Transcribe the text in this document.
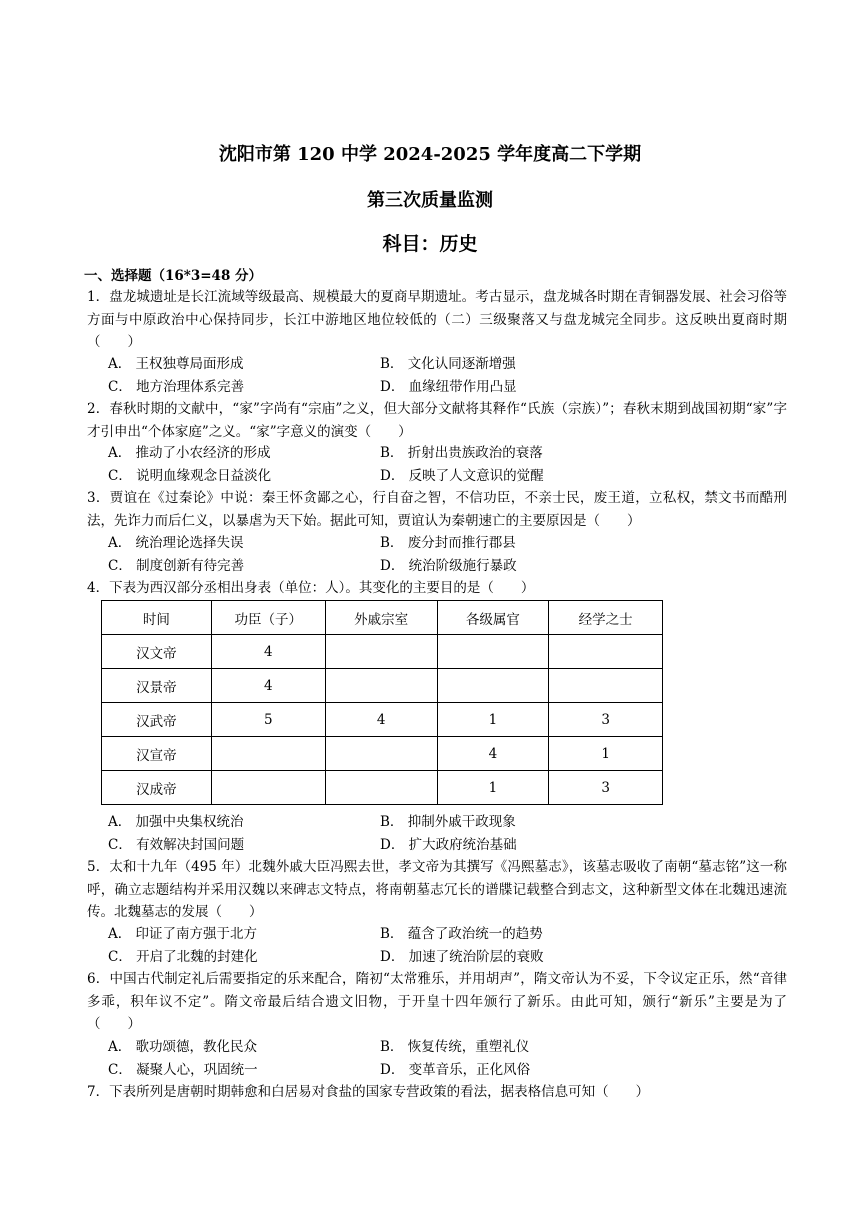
沈阳市第 120 中学 2024-2025 学年度高二下学期
第三次质量监测
科目：历史
一、选择题（16*3=48 分）
1．盘龙城遗址是长江流域等级最高、规模最大的夏商早期遗址。考古显示，盘龙城各时期在青铜器发展、社会习俗等方面与中原政治中心保持同步，长江中游地区地位较低的（二）三级聚落又与盘龙城完全同步。这反映出夏商时期（　　）
A． 王权独尊局面形成	B． 文化认同逐渐增强
C． 地方治理体系完善	D． 血缘纽带作用凸显
2．春秋时期的文献中，“家”字尚有“宗庙”之义，但大部分文献将其释作“氏族（宗族）”；春秋末期到战国初期“家”字才引申出“个体家庭”之义。“家”字意义的演变（　　）
A． 推动了小农经济的形成	B． 折射出贵族政治的衰落
C． 说明血缘观念日益淡化	D． 反映了人文意识的觉醒
3．贾谊在《过秦论》中说：秦王怀贪鄙之心，行自奋之智，不信功臣，不亲士民，废王道，立私权，禁文书而酷刑法，先诈力而后仁义，以暴虐为天下始。据此可知，贾谊认为秦朝速亡的主要原因是（　　）
A． 统治理论选择失误	B． 废分封而推行郡县
C． 制度创新有待完善	D． 统治阶级施行暴政
4．下表为西汉部分丞相出身表（单位：人）。其变化的主要目的是（　　）
时间	功臣（子）	外戚宗室	各级属官	经学之士
汉文帝	4			
汉景帝	4			
汉武帝	5	4	1	3
汉宣帝			4	1
汉成帝			1	3
A． 加强中央集权统治	B． 抑制外戚干政现象
C． 有效解决封国问题	D． 扩大政府统治基础
5．太和十九年（495 年）北魏外戚大臣冯熙去世，孝文帝为其撰写《冯熙墓志》，该墓志吸收了南朝“墓志铭”这一称呼，确立志题结构并采用汉魏以来碑志文特点，将南朝墓志冗长的谱牒记载整合到志文，这种新型文体在北魏迅速流传。北魏墓志的发展（　　）
A． 印证了南方强于北方	B． 蕴含了政治统一的趋势
C． 开启了北魏的封建化	D． 加速了统治阶层的衰败
6．中国古代制定礼后需要指定的乐来配合，隋初“太常雅乐，并用胡声”，隋文帝认为不妥，下令议定正乐，然“音律多乖，积年议不定”。隋文帝最后结合遗文旧物，于开皇十四年颁行了新乐。由此可知，颁行“新乐”主要是为了（　　）
A． 歌功颂德，教化民众	B． 恢复传统，重塑礼仪
C． 凝聚人心，巩固统一	D． 变革音乐，正化风俗
7．下表所列是唐朝时期韩愈和白居易对食盐的国家专营政策的看法，据表格信息可知（　　）
